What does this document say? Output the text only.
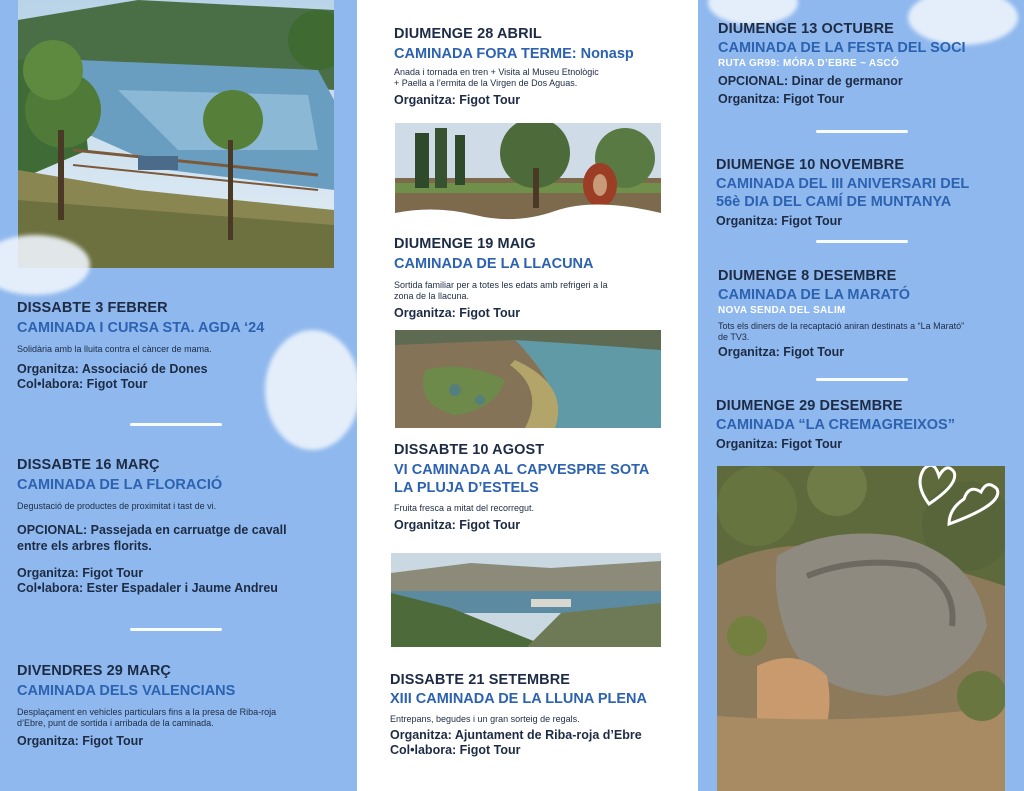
DISSABTE 3 FEBRER
CAMINADA I CURSA STA. AGDA ‘24
Solidària amb la lluita contra el càncer de mama.
Organitza: Associació de Dones
Col•labora: Figot Tour
DISSABTE 16 MARÇ
CAMINADA DE LA FLORACIÓ
Degustació de productes de proximitat i tast de vi.
OPCIONAL: Passejada en carruatge de cavall
entre els arbres florits.
Organitza: Figot Tour
Col•labora: Ester Espadaler i Jaume Andreu
DIVENDRES 29 MARÇ
CAMINADA DELS VALENCIANS
Desplaçament en vehicles particulars fins a la presa de Riba-roja
d’Ebre, punt de sortida i arribada de la caminada.
Organitza: Figot Tour
DIUMENGE 28 ABRIL
CAMINADA FORA TERME: Nonasp
Anada i tornada en tren + Visita al Museu Etnològic
+ Paella a l’ermita de la Virgen de Dos Aguas.
Organitza: Figot Tour
DIUMENGE 19 MAIG
CAMINADA DE LA LLACUNA
Sortida familiar per a totes les edats amb refrigeri a la
zona de la llacuna.
Organitza: Figot Tour
DISSABTE 10 AGOST
VI CAMINADA AL CAPVESPRE SOTA
LA PLUJA D’ESTELS
Fruita fresca a mitat del recorregut.
Organitza: Figot Tour
DISSABTE 21 SETEMBRE
XIII CAMINADA DE LA LLUNA PLENA
Entrepans, begudes i un gran sorteig de regals.
Organitza: Ajuntament de Riba-roja d’Ebre
Col•labora: Figot Tour
DIUMENGE 13 OCTUBRE
CAMINADA DE LA FESTA DEL SOCI
RUTA GR99: MÓRA D’EBRE ~ ASCÓ
OPCIONAL: Dinar de germanor
Organitza: Figot Tour
DIUMENGE 10 NOVEMBRE
CAMINADA DEL III ANIVERSARI DEL
56è DIA DEL CAMÍ DE MUNTANYA
Organitza: Figot Tour
DIUMENGE 8 DESEMBRE
CAMINADA DE LA MARATÓ
NOVA SENDA DEL SALIM
Tots els diners de la recaptació aniran destinats a “La Marató”
de TV3.
Organitza: Figot Tour
DIUMENGE 29 DESEMBRE
CAMINADA “LA CREMAGREIXOS”
Organitza: Figot Tour
